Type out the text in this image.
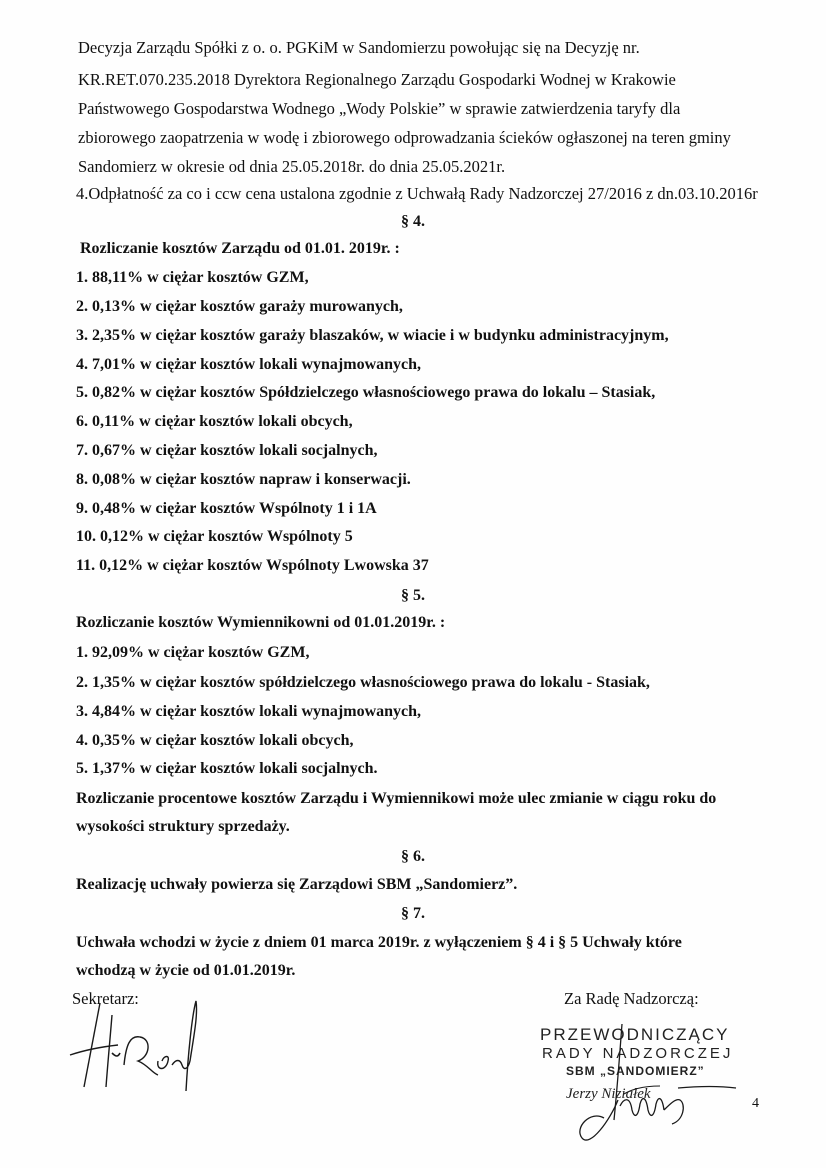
Decyzja Zarządu Spółki z o. o. PGKiM w Sandomierzu powołując się na Decyzję nr.
KR.RET.070.235.2018 Dyrektora Regionalnego Zarządu Gospodarki Wodnej w Krakowie
Państwowego Gospodarstwa Wodnego „Wody Polskie” w sprawie zatwierdzenia taryfy dla
zbiorowego zaopatrzenia w wodę i zbiorowego odprowadzania ścieków ogłaszonej na teren gminy
Sandomierz w okresie od dnia 25.05.2018r. do dnia 25.05.2021r.
4.Odpłatność za co i ccw cena ustalona zgodnie z Uchwałą Rady Nadzorczej 27/2016 z dn.03.10.2016r
§ 4.
Rozliczanie kosztów Zarządu od 01.01. 2019r. :
1. 88,11% w ciężar kosztów GZM,
2. 0,13% w ciężar kosztów garaży murowanych,
3. 2,35% w ciężar kosztów garaży blaszaków, w wiacie i w budynku administracyjnym,
4. 7,01% w ciężar kosztów lokali wynajmowanych,
5. 0,82% w ciężar kosztów Spółdzielczego własnościowego prawa do lokalu – Stasiak,
6. 0,11% w ciężar kosztów lokali obcych,
7. 0,67% w ciężar kosztów lokali socjalnych,
8. 0,08% w ciężar kosztów napraw i konserwacji.
9. 0,48% w ciężar kosztów Wspólnoty 1 i 1A
10. 0,12% w ciężar kosztów Wspólnoty 5
11. 0,12% w ciężar kosztów Wspólnoty Lwowska 37
§ 5.
Rozliczanie kosztów Wymiennikowni od 01.01.2019r. :
1. 92,09% w ciężar kosztów GZM,
2. 1,35% w ciężar kosztów spółdzielczego własnościowego prawa do lokalu - Stasiak,
3. 4,84% w ciężar kosztów lokali wynajmowanych,
4. 0,35% w ciężar kosztów lokali obcych,
5. 1,37% w ciężar kosztów lokali socjalnych.
Rozliczanie procentowe kosztów Zarządu i Wymiennikowi może ulec zmianie w ciągu roku do
wysokości struktury sprzedaży.
§ 6.
Realizację uchwały powierza się Zarządowi SBM „Sandomierz”.
§ 7.
Uchwała wchodzi w życie z dniem 01 marca 2019r. z wyłączeniem § 4 i § 5 Uchwały które
wchodzą w życie od 01.01.2019r.
Sekretarz:	Za Radę Nadzorczą:
PRZEWODNICZĄCY
RADY NADZORCZEJ
SBM „SANDOMIERZ”
Jerzy Niziałek
4
